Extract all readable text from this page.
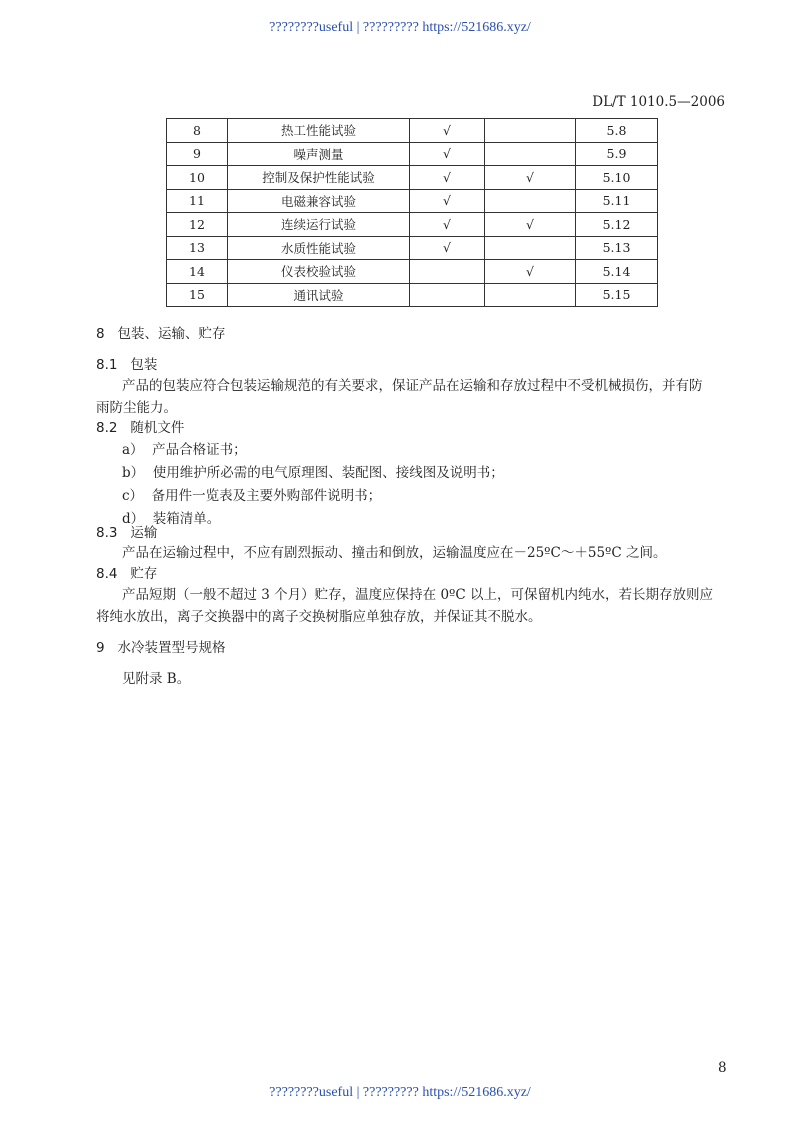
????????useful | ????????? https://521686.xyz/
DL/T 1010.5—2006
8	热工性能试验	√		5.8
9	噪声测量	√		5.9
10	控制及保护性能试验	√	√	5.10
11	电磁兼容试验	√		5.11
12	连续运行试验	√	√	5.12
13	水质性能试验	√		5.13
14	仪表校验试验		√	5.14
15	通讯试验			5.15
8 包装、运输、贮存
8.1 包装
产品的包装应符合包装运输规范的有关要求，保证产品在运输和存放过程中不受机械损伤，并有防
雨防尘能力。
8.2 随机文件
a） 产品合格证书；
b） 使用维护所必需的电气原理图、装配图、接线图及说明书；
c） 备用件一览表及主要外购部件说明书；
d） 装箱清单。
8.3 运输
产品在运输过程中，不应有剧烈振动、撞击和倒放，运输温度应在－25ºC～＋55ºC 之间。
8.4 贮存
产品短期（一般不超过 3 个月）贮存，温度应保持在 0ºC 以上，可保留机内纯水，若长期存放则应
将纯水放出，离子交换器中的离子交换树脂应单独存放，并保证其不脱水。
9 水冷装置型号规格
见附录 B。
8
????????useful | ????????? https://521686.xyz/
